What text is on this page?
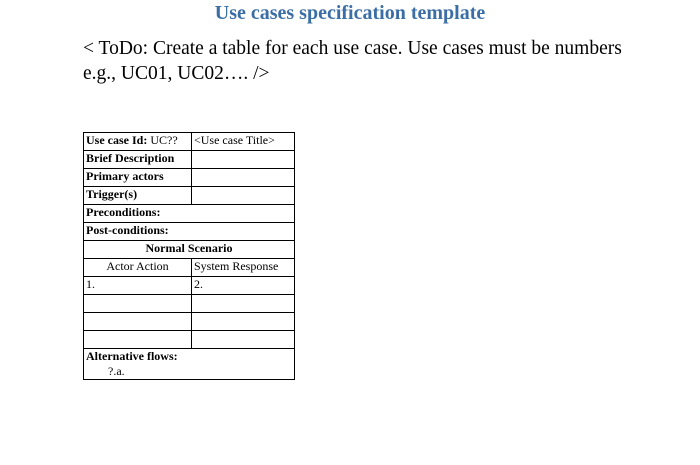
Use cases specification template
< ToDo: Create a table for each use case. Use cases must be numbers e.g., UC01, UC02…. />
Use case Id: UC??	<Use case Title>
Brief Description	
Primary actors	
Trigger(s)	
Preconditions:	
Post-conditions:	
Normal Scenario	
Actor Action	System Response
1.	2.

Alternative flows:
?.a.	
